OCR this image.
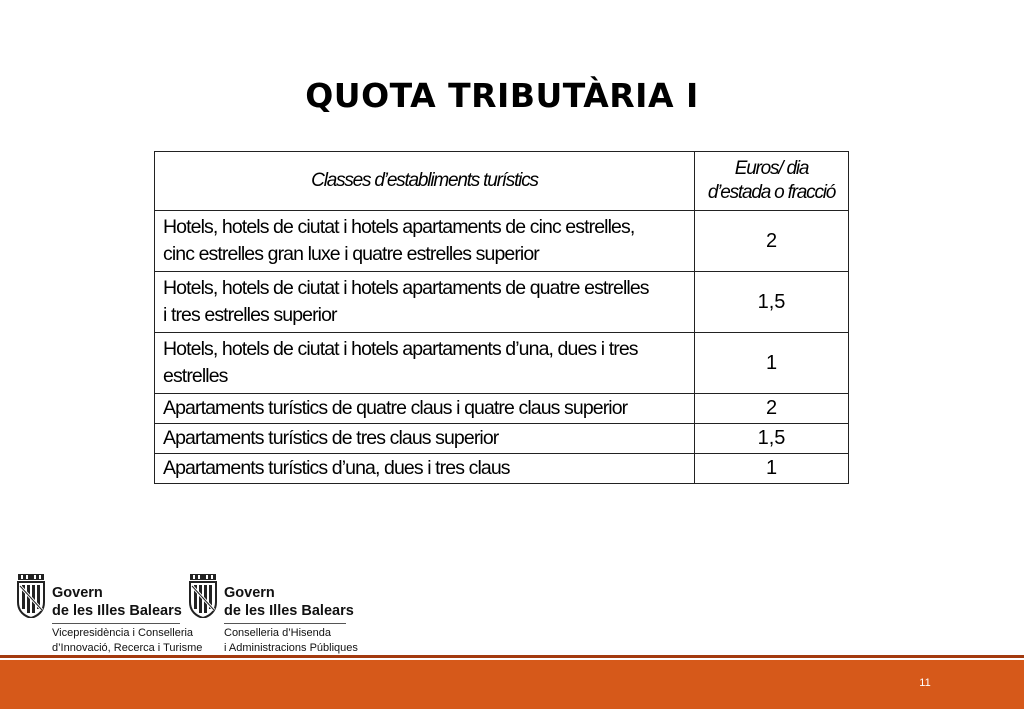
QUOTA TRIBUTÀRIA I
Classes d’establiments turístics	Euros/ dia
d’estada o fracció

Hotels, hotels de ciutat i hotels apartaments de cinc estrelles,
cinc estrelles gran luxe i quatre estrelles superior	2

Hotels, hotels de ciutat i hotels apartaments de quatre estrelles
i tres estrelles superior	1,5

Hotels, hotels de ciutat i hotels apartaments d’una, dues i tres
estrelles	1
Apartaments turístics de quatre claus i quatre claus superior	2
Apartaments turístics de tres claus superior	1,5
Apartaments turístics d’una, dues i tres claus	1
Govern
de les Illes Balears
Vicepresidència i Conselleria
d’Innovació, Recerca i Turisme
Govern
de les Illes Balears
Conselleria d’Hisenda
i Administracions Públiques
11
